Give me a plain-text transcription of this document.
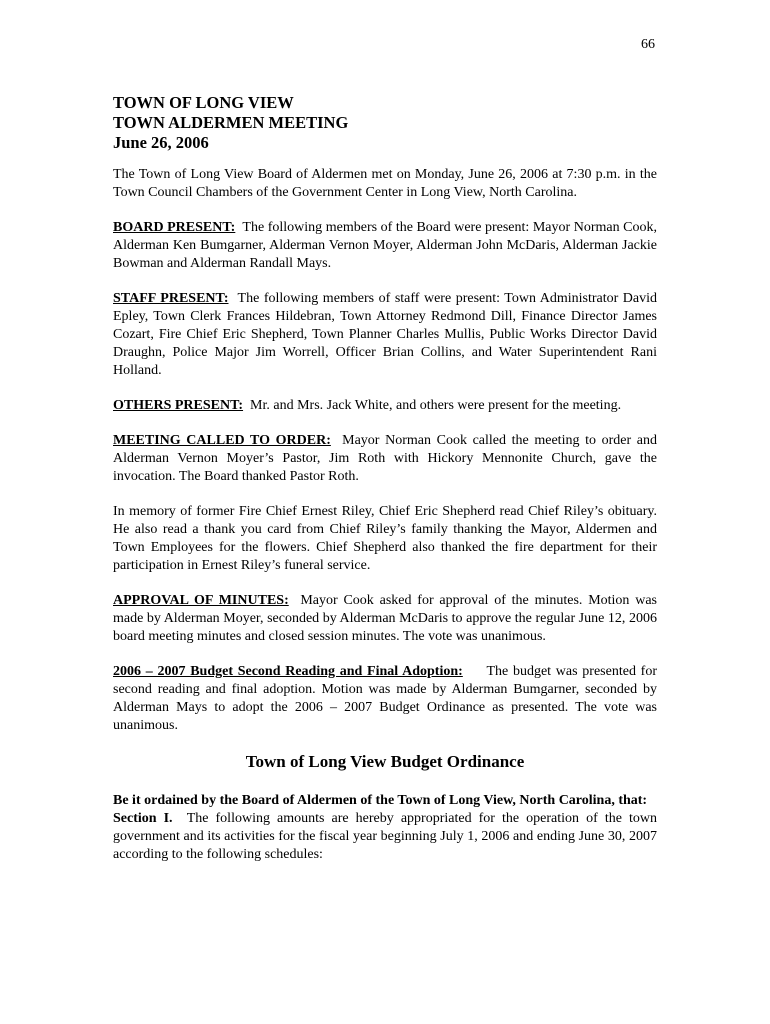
66
TOWN OF LONG VIEW
TOWN ALDERMEN MEETING
June 26, 2006

The Town of Long View Board of Aldermen met on Monday, June 26, 2006 at 7:30 p.m. in the Town Council Chambers of the Government Center in Long View, North Carolina.

BOARD PRESENT: The following members of the Board were present: Mayor Norman Cook, Alderman Ken Bumgarner, Alderman Vernon Moyer, Alderman John McDaris, Alderman Jackie Bowman and Alderman Randall Mays.

STAFF PRESENT: The following members of staff were present: Town Administrator David Epley, Town Clerk Frances Hildebran, Town Attorney Redmond Dill, Finance Director James Cozart, Fire Chief Eric Shepherd, Town Planner Charles Mullis, Public Works Director David Draughn, Police Major Jim Worrell, Officer Brian Collins, and Water Superintendent Rani Holland.

OTHERS PRESENT: Mr. and Mrs. Jack White, and others were present for the meeting.

MEETING CALLED TO ORDER: Mayor Norman Cook called the meeting to order and Alderman Vernon Moyer’s Pastor, Jim Roth with Hickory Mennonite Church, gave the invocation. The Board thanked Pastor Roth.

In memory of former Fire Chief Ernest Riley, Chief Eric Shepherd read Chief Riley’s obituary. He also read a thank you card from Chief Riley’s family thanking the Mayor, Aldermen and Town Employees for the flowers. Chief Shepherd also thanked the fire department for their participation in Ernest Riley’s funeral service.

APPROVAL OF MINUTES: Mayor Cook asked for approval of the minutes. Motion was made by Alderman Moyer, seconded by Alderman McDaris to approve the regular June 12, 2006 board meeting minutes and closed session minutes. The vote was unanimous.

2006 – 2007 Budget Second Reading and Final Adoption: The budget was presented for second reading and final adoption. Motion was made by Alderman Bumgarner, seconded by Alderman Mays to adopt the 2006 – 2007 Budget Ordinance as presented. The vote was unanimous.

Town of Long View Budget Ordinance

Be it ordained by the Board of Aldermen of the Town of Long View, North Carolina, that:

Section I. The following amounts are hereby appropriated for the operation of the town government and its activities for the fiscal year beginning July 1, 2006 and ending June 30, 2007 according to the following schedules:
